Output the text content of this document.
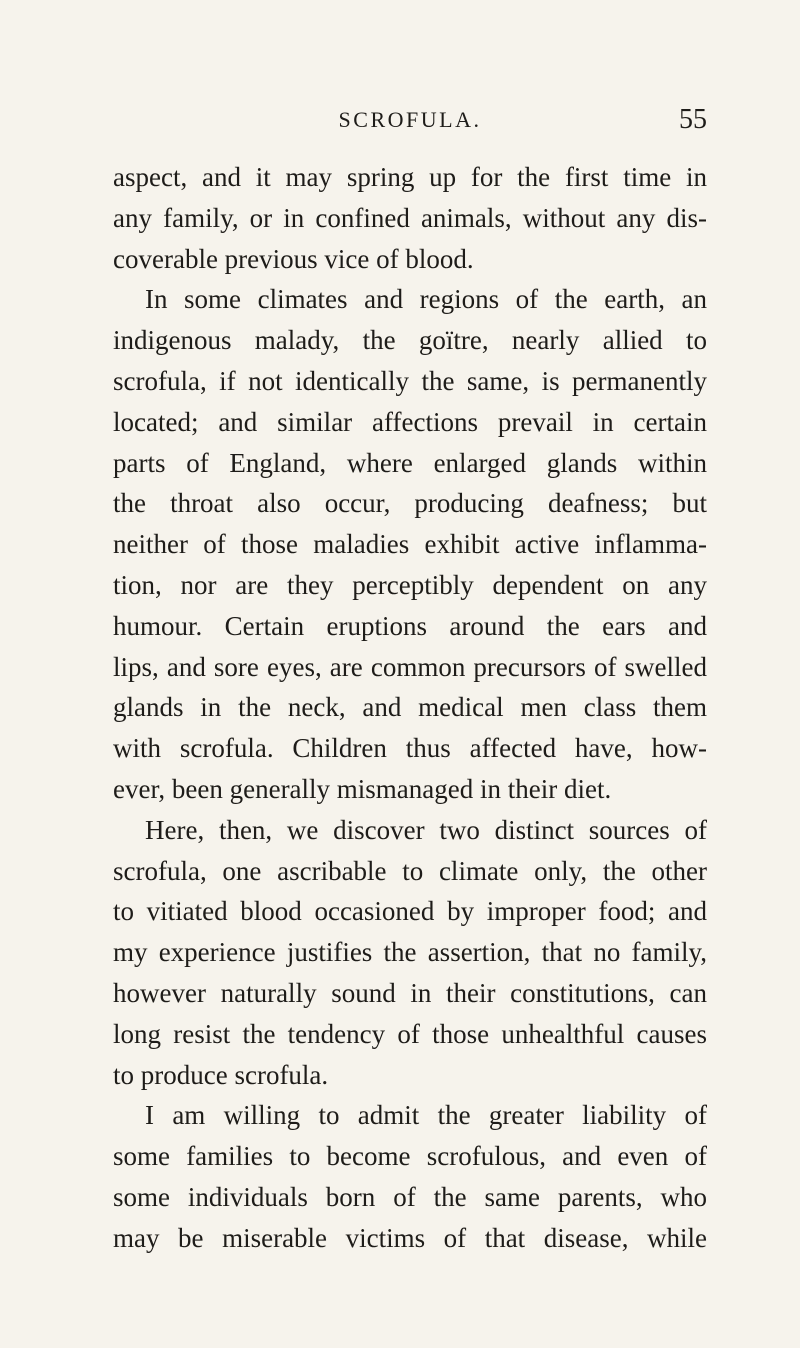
SCROFULA.	55
aspect, and it may spring up for the first time in
any family, or in confined animals, without any dis-
coverable previous vice of blood.
In some climates and regions of the earth, an
indigenous malady, the goïtre, nearly allied to
scrofula, if not identically the same, is permanently
located; and similar affections prevail in certain
parts of England, where enlarged glands within
the throat also occur, producing deafness; but
neither of those maladies exhibit active inflamma-
tion, nor are they perceptibly dependent on any
humour. Certain eruptions around the ears and
lips, and sore eyes, are common precursors of swelled
glands in the neck, and medical men class them
with scrofula. Children thus affected have, how-
ever, been generally mismanaged in their diet.
Here, then, we discover two distinct sources of
scrofula, one ascribable to climate only, the other
to vitiated blood occasioned by improper food; and
my experience justifies the assertion, that no family,
however naturally sound in their constitutions, can
long resist the tendency of those unhealthful causes
to produce scrofula.
I am willing to admit the greater liability of
some families to become scrofulous, and even of
some individuals born of the same parents, who
may be miserable victims of that disease, while
